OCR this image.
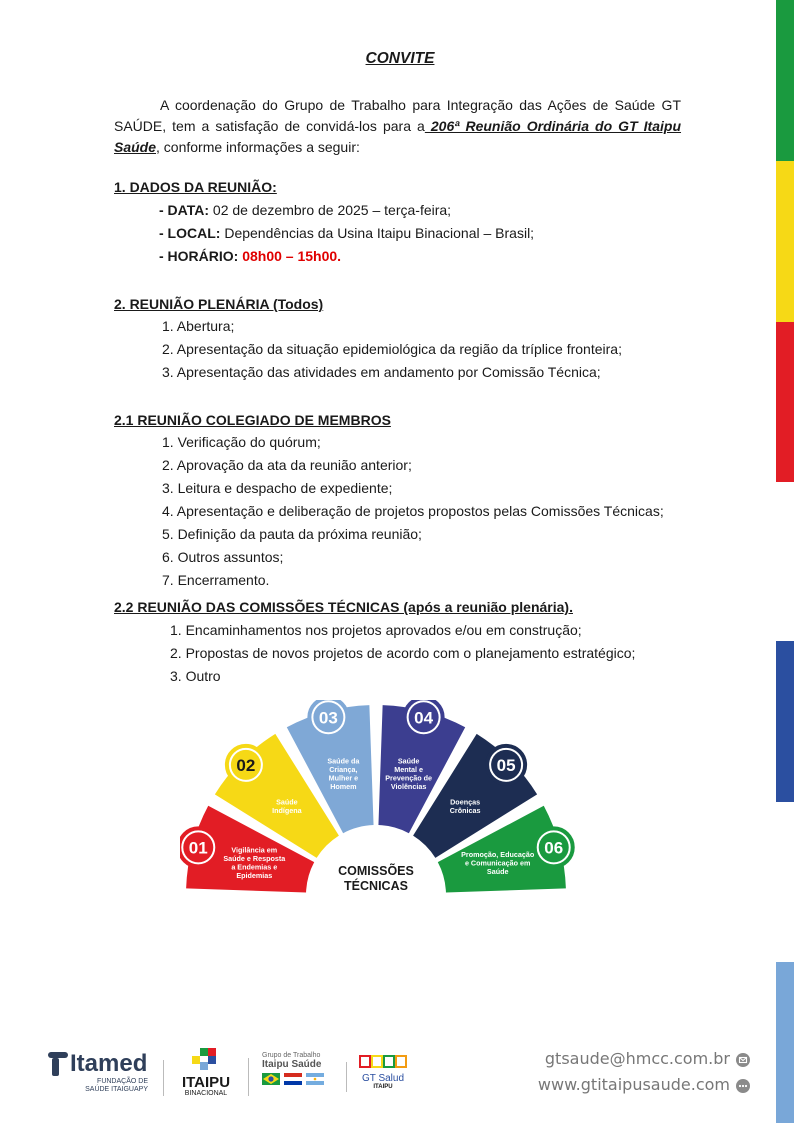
CONVITE
A coordenação do Grupo de Trabalho para Integração das Ações de Saúde GT SAÚDE, tem a satisfação de convidá-los para a 206ª Reunião Ordinária do GT Itaipu Saúde, conforme informações a seguir:
1. DADOS DA REUNIÃO:
- DATA: 02 de dezembro de 2025 – terça-feira;
- LOCAL: Dependências da Usina Itaipu Binacional – Brasil;
- HORÁRIO: 08h00 – 15h00.
2. REUNIÃO PLENÁRIA (Todos)
1. Abertura;
2. Apresentação da situação epidemiológica da região da tríplice fronteira;
3. Apresentação das atividades em andamento por Comissão Técnica;
2.1 REUNIÃO COLEGIADO DE MEMBROS
1. Verificação do quórum;
2. Aprovação da ata da reunião anterior;
3. Leitura e despacho de expediente;
4. Apresentação e deliberação de projetos propostos pelas Comissões Técnicas;
5. Definição da pauta da próxima reunião;
6. Outros assuntos;
7. Encerramento.
2.2 REUNIÃO DAS COMISSÕES TÉCNICAS (após a reunião plenária).
1. Encaminhamentos nos projetos aprovados e/ou em construção;
2. Propostas de novos projetos de acordo com o planejamento estratégico;
3. Outro
01	Vigilância em
Saúde e Resposta
a Endemias e
Epidemias
02
Saúde
Indígena
03
Saúde da
Criança,
Mulher e
Homem
04
Saúde
Mental e
Prevenção de
Violências
05
Doenças
Crônicas
06
Promoção, Educação
e Comunicação em
Saúde
COMISSÕES
TÉCNICAS
Itamed
FUNDAÇÃO DE
SAÚDE ITAIGUAPY	ITAIPU
BINACIONAL
Grupo de Trabalho
Itaipu Saúde
GT Salud
ITAIPU
gtsaude@hmcc.com.br
www.gtitaipusaude.com
